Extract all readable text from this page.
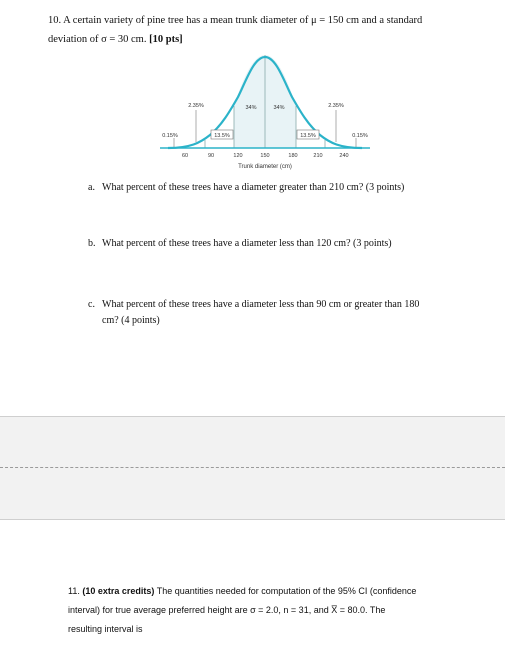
10. A certain variety of pine tree has a mean trunk diameter of μ = 150 cm and a standard
deviation of σ = 30 cm. [10 pts]
2.35%	2.35%
34%	34%
13.5%	13.5%
0.15%	0.15%
60	90	120	150	180	210	240
Trunk diameter (cm)
a. What percent of these trees have a diameter greater than 210 cm? (3 points)
b. What percent of these trees have a diameter less than 120 cm? (3 points)
c. What percent of these trees have a diameter less than 90 cm or greater than 180
cm? (4 points)
11. (10 extra credits) The quantities needed for computation of the 95% CI (confidence
interval) for true average preferred height are σ = 2.0, n = 31, and X̅ = 80.0. The
resulting interval is
